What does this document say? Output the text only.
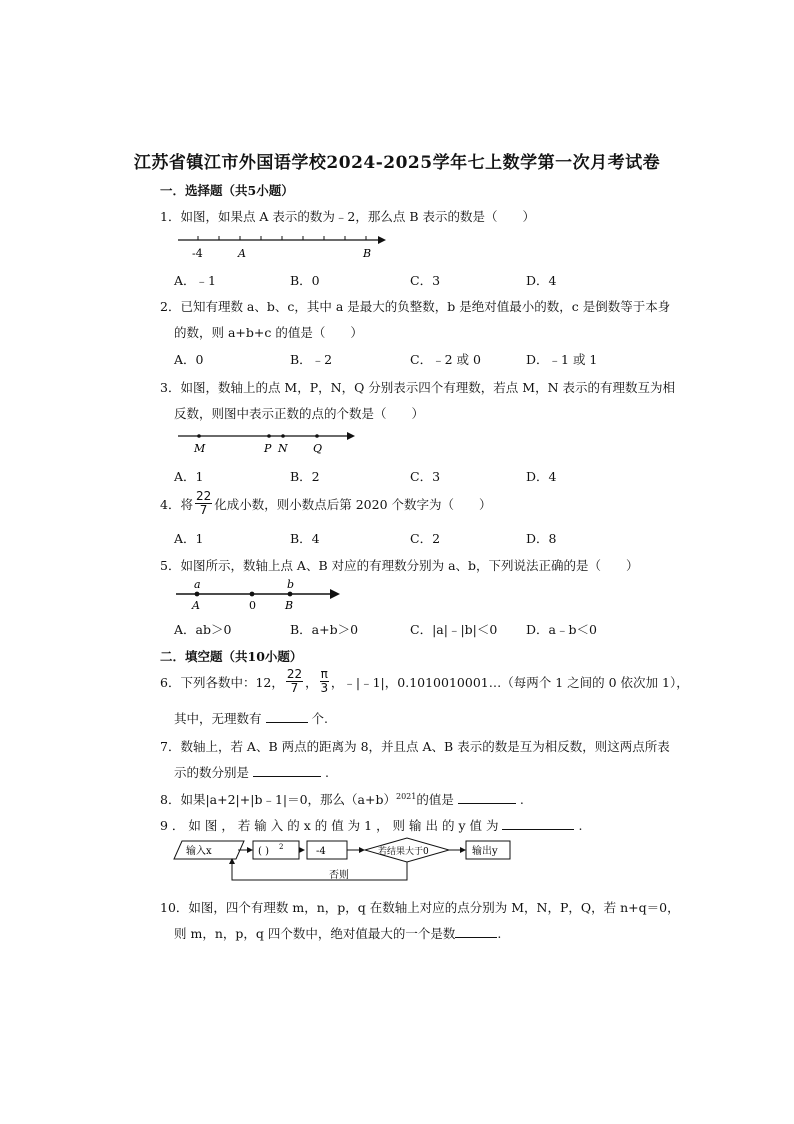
江苏省镇江市外国语学校2024-2025学年七上数学第一次月考试卷
一．选择题（共5小题）
1．如图，如果点 A 表示的数为﹣2，那么点 B 表示的数是（　　）
-4	A	B
A．﹣1	B．0	C．3	D．4
2．已知有理数 a、b、c，其中 a 是最大的负整数，b 是绝对值最小的数，c 是倒数等于本身
的数，则 a+b+c 的值是（　　）
A．0	B．﹣2	C．﹣2 或 0	D．﹣1 或 1
3．如图，数轴上的点 M，P，N，Q 分别表示四个有理数，若点 M，N 表示的有理数互为相
反数，则图中表示正数的点的个数是（　　）
M	P N Q
A．1	B．2	C．3	D．4
4．将 $\frac{22}{7}$ 化成小数，则小数点后第 2020 个数字为（　　）
A．1	B．4	C．2	D．8
5．如图所示，数轴上点 A、B 对应的有理数分别为 a、b，下列说法正确的是（　　）
a	b
A	0	B
A．ab＞0	B．a+b＞0	C．|a|﹣|b|＜0 D．a﹣b＜0
二．填空题（共10小题）
6．下列各数中：12， $\frac{22}{7}$ ， $\frac{\pi}{3}$ ，﹣|﹣1|，0.1010010001…（每两个 1 之间的 0 依次加 1），
其中，无理数有	个.
7．数轴上，若 A、B 两点的距离为 8，并且点 A、B 表示的数是互为相反数，则这两点所表
示的数分别是	.
8．如果|a+2|+|b﹣1|＝0，那么$(a+b)^{2021}$的值是	.
9 ． 如 图 ， 若 输 入 的 x 的 值 为 1 ， 则 输 出 的 y 值 为	.
输入x	( ) 2	-4	若结果大于0	输出y
否则
10．如图，四个有理数 m，n，p，q 在数轴上对应的点分别为 M，N，P，Q，若 n+q＝0，
则 m，n，p，q 四个数中，绝对值最大的一个是数	.
